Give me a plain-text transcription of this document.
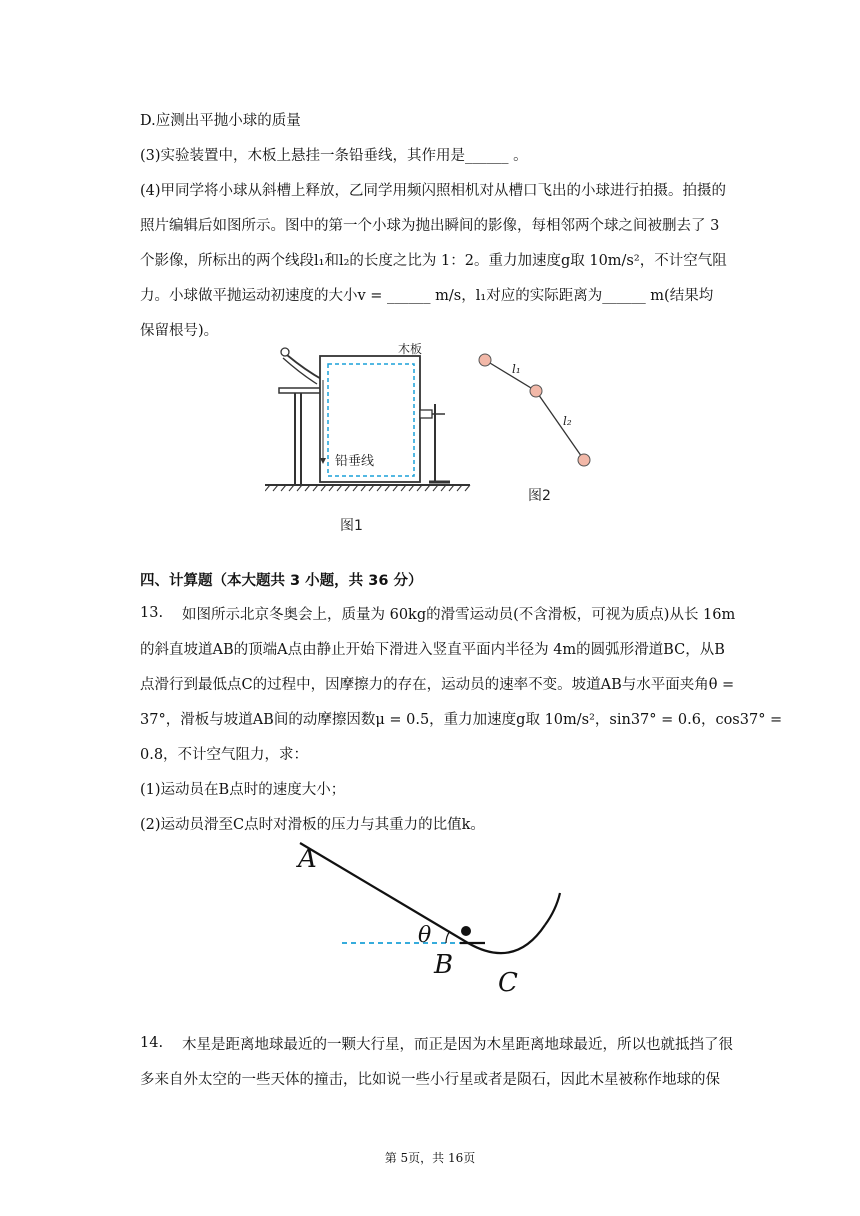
D.应测出平抛小球的质量
(3)实验装置中，木板上悬挂一条铅垂线，其作用是______ 。
(4)甲同学将小球从斜槽上释放，乙同学用频闪照相机对从槽口飞出的小球进行拍摄。拍摄的
照片编辑后如图所示。图中的第一个小球为抛出瞬间的影像，每相邻两个球之间被删去了 3
个影像，所标出的两个线段l₁和l₂的长度之比为 1：2。重力加速度g取 10m/s²，不计空气阻
力。小球做平抛运动初速度的大小v = ______ m/s，l₁对应的实际距离为______ m(结果均
保留根号)。
木板
铅垂线
图1
l₁
l₂
图2
四、计算题（本大题共 3 小题，共 36 分）
13. 如图所示北京冬奥会上，质量为 60kg的滑雪运动员(不含滑板，可视为质点)从长 16m
的斜直坡道AB的顶端A点由静止开始下滑进入竖直平面内半径为 4m的圆弧形滑道BC，从B
点滑行到最低点C的过程中，因摩擦力的存在，运动员的速率不变。坡道AB与水平面夹角θ =
37°，滑板与坡道AB间的动摩擦因数μ = 0.5，重力加速度g取 10m/s²，sin37° = 0.6，cos37° =
0.8，不计空气阻力，求：
(1)运动员在B点时的速度大小；
(2)运动员滑至C点时对滑板的压力与其重力的比值k。
A
θ
B
C
14. 木星是距离地球最近的一颗大行星，而正是因为木星距离地球最近，所以也就抵挡了很
多来自外太空的一些天体的撞击，比如说一些小行星或者是陨石，因此木星被称作地球的保
第 5页，共 16页
